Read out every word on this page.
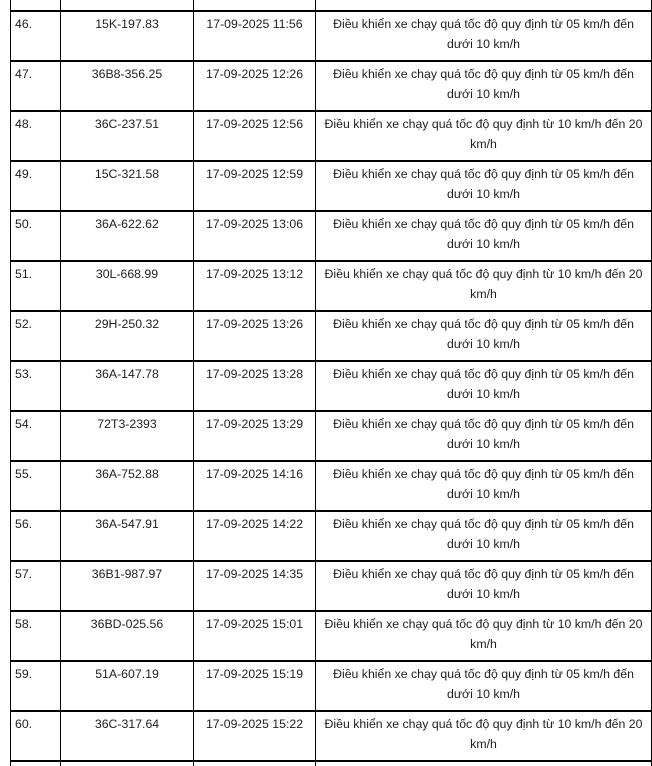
46.	15K-197.83	17-09-2025 11:56	Điều khiển xe chạy quá tốc độ quy định từ 05 km/h đến dưới 10 km/h
47.	36B8-356.25	17-09-2025 12:26	Điều khiển xe chạy quá tốc độ quy định từ 05 km/h đến dưới 10 km/h
48.	36C-237.51	17-09-2025 12:56	Điều khiển xe chạy quá tốc độ quy định từ 10 km/h đến 20 km/h
49.	15C-321.58	17-09-2025 12:59	Điều khiển xe chạy quá tốc độ quy định từ 05 km/h đến dưới 10 km/h
50.	36A-622.62	17-09-2025 13:06	Điều khiển xe chạy quá tốc độ quy định từ 05 km/h đến dưới 10 km/h
51.	30L-668.99	17-09-2025 13:12	Điều khiển xe chạy quá tốc độ quy định từ 10 km/h đến 20 km/h
52.	29H-250.32	17-09-2025 13:26	Điều khiển xe chạy quá tốc độ quy định từ 05 km/h đến dưới 10 km/h
53.	36A-147.78	17-09-2025 13:28	Điều khiển xe chạy quá tốc độ quy định từ 05 km/h đến dưới 10 km/h
54.	72T3-2393	17-09-2025 13:29	Điều khiển xe chạy quá tốc độ quy định từ 05 km/h đến dưới 10 km/h
55.	36A-752.88	17-09-2025 14:16	Điều khiển xe chạy quá tốc độ quy định từ 05 km/h đến dưới 10 km/h
56.	36A-547.91	17-09-2025 14:22	Điều khiển xe chạy quá tốc độ quy định từ 05 km/h đến dưới 10 km/h
57.	36B1-987.97	17-09-2025 14:35	Điều khiển xe chạy quá tốc độ quy định từ 05 km/h đến dưới 10 km/h
58.	36BD-025.56	17-09-2025 15:01	Điều khiển xe chạy quá tốc độ quy định từ 10 km/h đến 20 km/h
59.	51A-607.19	17-09-2025 15:19	Điều khiển xe chạy quá tốc độ quy định từ 05 km/h đến dưới 10 km/h
60.	36C-317.64	17-09-2025 15:22	Điều khiển xe chạy quá tốc độ quy định từ 10 km/h đến 20 km/h
